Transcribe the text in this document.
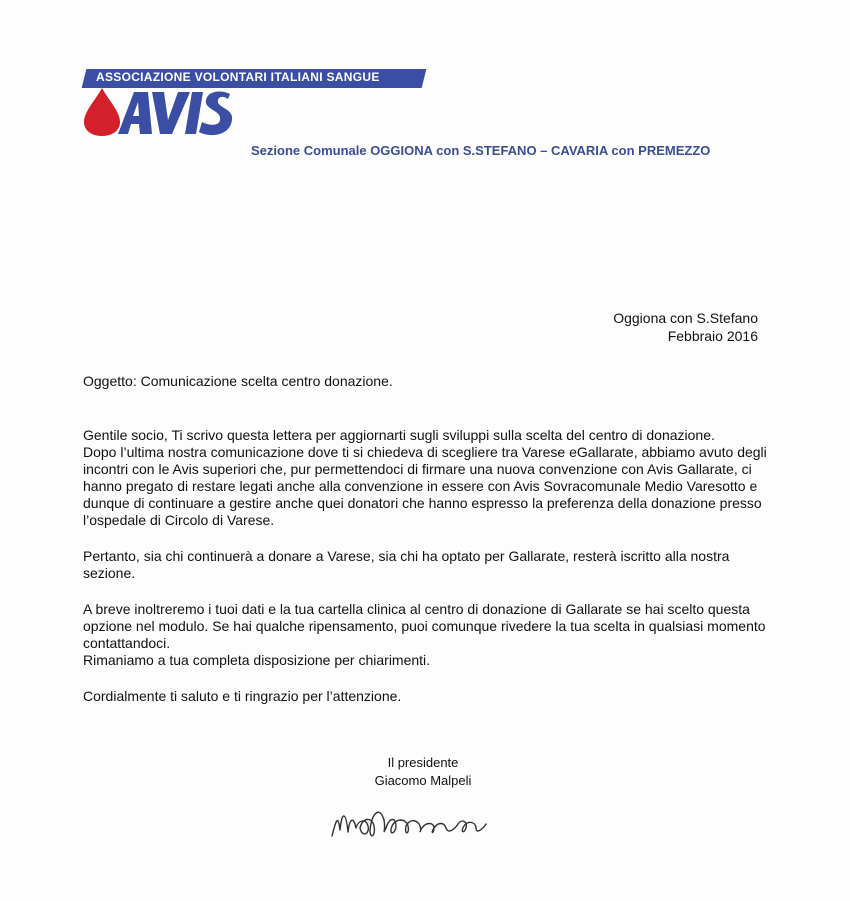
ASSOCIAZIONE VOLONTARI ITALIANI SANGUE
Sezione Comunale OGGIONA con S.STEFANO – CAVARIA con PREMEZZO
Oggiona con S.Stefano
Febbraio 2016
Oggetto: Comunicazione scelta centro donazione.

Gentile socio, Ti scrivo questa lettera per aggiornarti sugli sviluppi sulla scelta del centro di donazione.

Dopo l’ultima nostra comunicazione dove ti si chiedeva di scegliere tra Varese eGallarate, abbiamo avuto degli incontri con le Avis superiori che, pur permettendoci di firmare una nuova convenzione con Avis Gallarate, ci hanno pregato di restare legati anche alla convenzione in essere con Avis Sovracomunale Medio Varesotto e dunque di continuare a gestire anche quei donatori che hanno espresso la preferenza della donazione presso l’ospedale di Circolo di Varese.

Pertanto, sia chi continuerà a donare a Varese, sia chi ha optato per Gallarate, resterà iscritto alla nostra sezione.

A breve inoltreremo i tuoi dati e la tua cartella clinica al centro di donazione di Gallarate se hai scelto questa opzione nel modulo. Se hai qualche ripensamento, puoi comunque rivedere la tua scelta in qualsiasi momento contattandoci.

Rimaniamo a tua completa disposizione per chiarimenti.

Cordialmente ti saluto e ti ringrazio per l’attenzione.

Il presidente
Giacomo Malpeli
